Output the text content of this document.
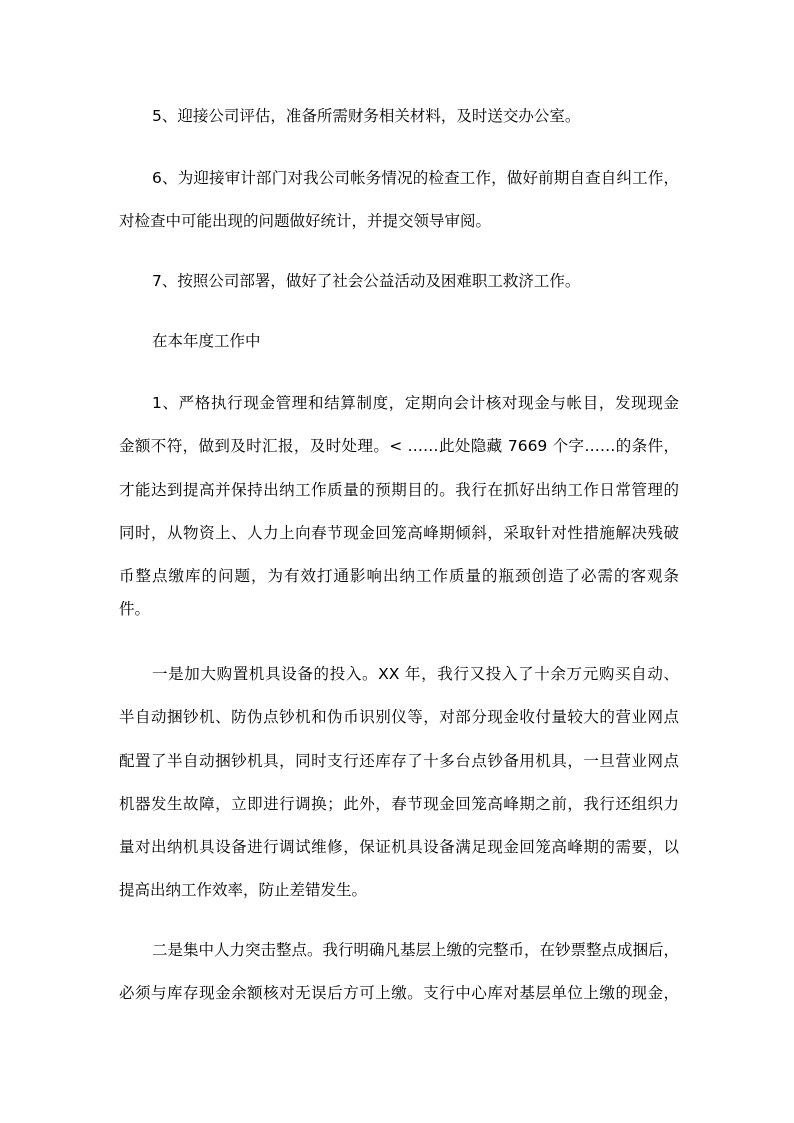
5、迎接公司评估，准备所需财务相关材料，及时送交办公室。
6、为迎接审计部门对我公司帐务情况的检查工作，做好前期自查自纠工作，
对检查中可能出现的问题做好统计，并提交领导审阅。
7、按照公司部署，做好了社会公益活动及困难职工救济工作。
在本年度工作中
1、严格执行现金管理和结算制度，定期向会计核对现金与帐目，发现现金
金额不符，做到及时汇报，及时处理。< ……此处隐藏 7669 个字……的条件，
才能达到提高并保持出纳工作质量的预期目的。我行在抓好出纳工作日常管理的
同时，从物资上、人力上向春节现金回笼高峰期倾斜，采取针对性措施解决残破
币整点缴库的问题，为有效打通影响出纳工作质量的瓶颈创造了必需的客观条
件。
一是加大购置机具设备的投入。XX 年，我行又投入了十余万元购买自动、
半自动捆钞机、防伪点钞机和伪币识别仪等，对部分现金收付量较大的营业网点
配置了半自动捆钞机具，同时支行还库存了十多台点钞备用机具，一旦营业网点
机器发生故障，立即进行调换；此外，春节现金回笼高峰期之前，我行还组织力
量对出纳机具设备进行调试维修，保证机具设备满足现金回笼高峰期的需要，以
提高出纳工作效率，防止差错发生。
二是集中人力突击整点。我行明确凡基层上缴的完整币，在钞票整点成捆后，
必须与库存现金余额核对无误后方可上缴。支行中心库对基层单位上缴的现金，
